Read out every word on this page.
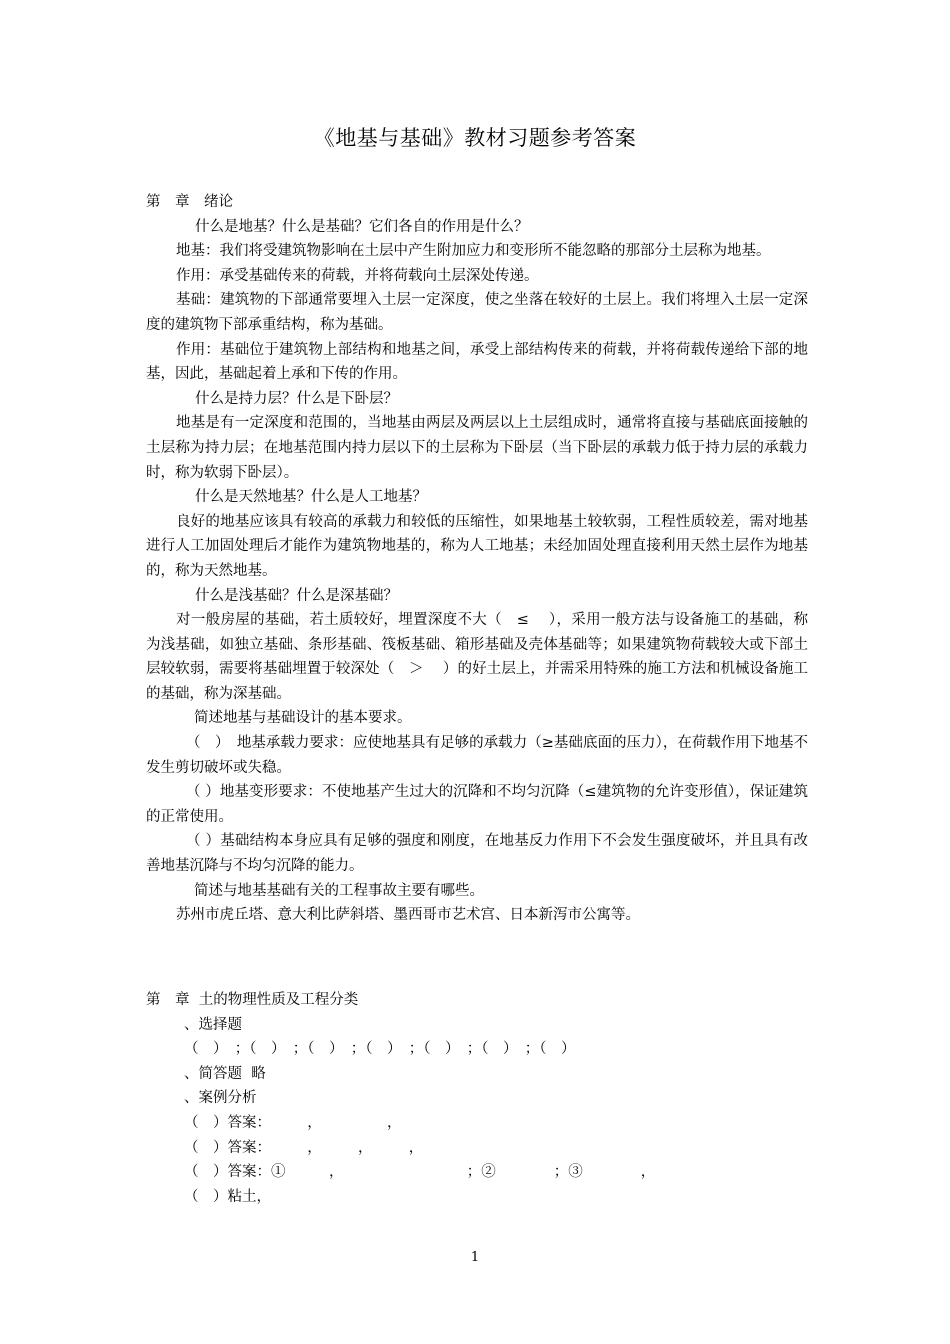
《地基与基础》教材习题参考答案

第　章　绪论

什么是地基？什么是基础？它们各自的作用是什么？

地基：我们将受建筑物影响在土层中产生附加应力和变形所不能忽略的那部分土层称为地基。

作用：承受基础传来的荷载，并将荷载向土层深处传递。

基础：建筑物的下部通常要埋入土层一定深度，使之坐落在较好的土层上。我们将埋入土层一定深度的建筑物下部承重结构，称为基础。

作用：基础位于建筑物上部结构和地基之间，承受上部结构传来的荷载，并将荷载传递给下部的地基，因此，基础起着上承和下传的作用。

什么是持力层？什么是下卧层？

地基是有一定深度和范围的，当地基由两层及两层以上土层组成时，通常将直接与基础底面接触的土层称为持力层；在地基范围内持力层以下的土层称为下卧层（当下卧层的承载力低于持力层的承载力时，称为软弱下卧层）。

什么是天然地基？什么是人工地基？

良好的地基应该具有较高的承载力和较低的压缩性，如果地基土较软弱，工程性质较差，需对地基进行人工加固处理后才能作为建筑物地基的，称为人工地基；未经加固处理直接利用天然土层作为地基的，称为天然地基。

什么是浅基础？什么是深基础？

对一般房屋的基础，若土质较好，埋置深度不大（　≤　 ），采用一般方法与设备施工的基础，称为浅基础，如独立基础、条形基础、筏板基础、箱形基础及壳体基础等；如果建筑物荷载较大或下部土层较软弱，需要将基础埋置于较深处（　＞　 ）的好土层上，并需采用特殊的施工方法和机械设备施工的基础，称为深基础。

简述地基与基础设计的基本要求。

（　）　地基承载力要求：应使地基具有足够的承载力（≥基础底面的压力），在荷载作用下地基不发生剪切破坏或失稳。

（ ）地基变形要求：不使地基产生过大的沉降和不均匀沉降（≤建筑物的允许变形值），保证建筑的正常使用。

（ ）基础结构本身应具有足够的强度和刚度，在地基反力作用下不会发生强度破坏，并且具有改善地基沉降与不均匀沉降的能力。

简述与地基基础有关的工程事故主要有哪些。

苏州市虎丘塔、意大利比萨斜塔、墨西哥市艺术宫、日本新泻市公寓等。

第　章  土的物理性质及工程分类

、选择题

（　）　；（　）　；（　）　；（　）　；（　）　；（　）　；（　）

、简答题  略

、案例分析

（　）答案：　　　，　　　　　，

（　）答案：　　　，　　　，　　　，

（　）答案：①　　　，　　　　　　　　　；②　　　　；③　　　　，

（　）粘土，

1
